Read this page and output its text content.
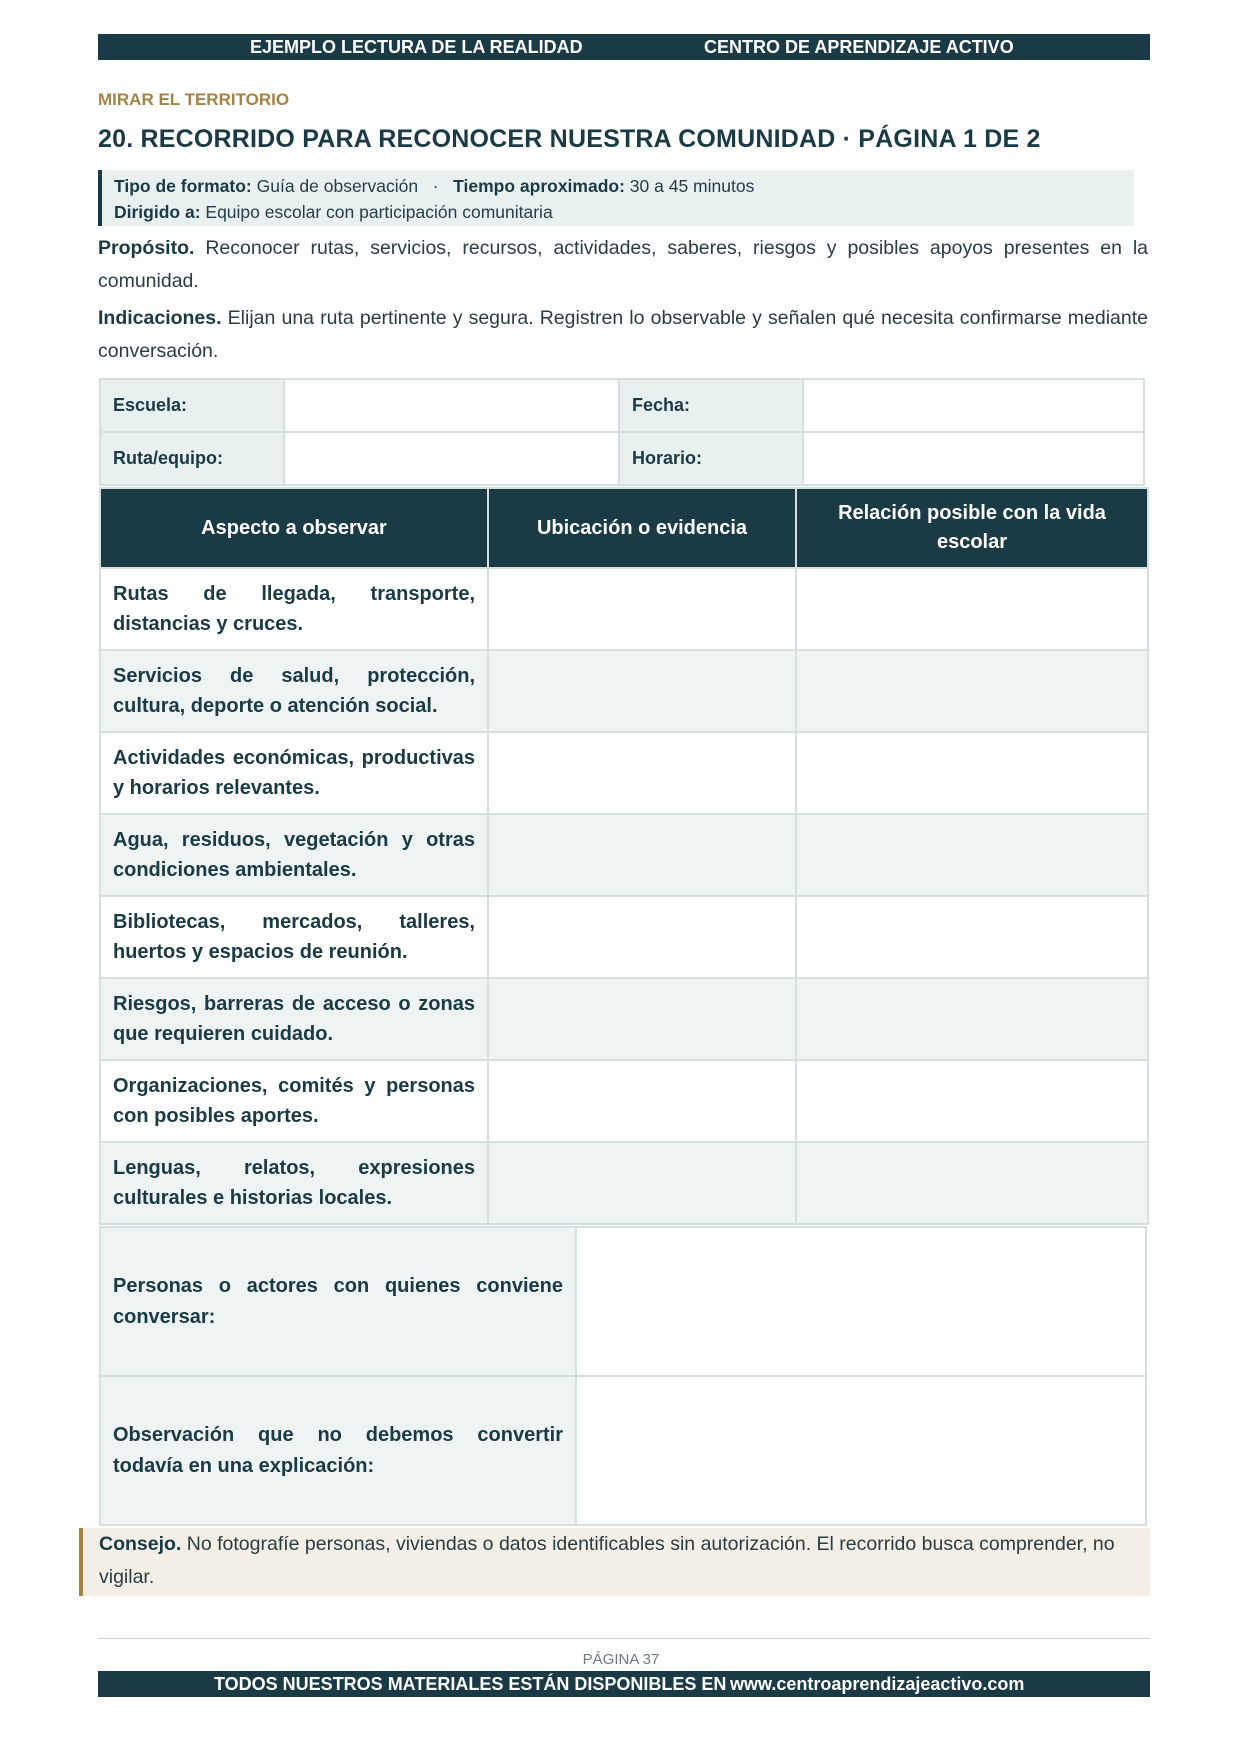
EJEMPLO LECTURA DE LA REALIDAD	CENTRO DE APRENDIZAJE ACTIVO
MIRAR EL TERRITORIO
20. RECORRIDO PARA RECONOCER NUESTRA COMUNIDAD · PÁGINA 1 DE 2
Tipo de formato: Guía de observación · Tiempo aproximado: 30 a 45 minutos
Dirigido a: Equipo escolar con participación comunitaria
Propósito. Reconocer rutas, servicios, recursos, actividades, saberes, riesgos y posibles apoyos presentes en la comunidad.
Indicaciones. Elijan una ruta pertinente y segura. Registren lo observable y señalen qué necesita confirmarse mediante conversación.
Escuela:		Fecha:	
Ruta/equipo:		Horario:	
Aspecto a observar	Ubicación o evidencia	Relación posible con la vida escolar
Rutas de llegada, transporte, distancias y cruces.		
Servicios de salud, protección, cultura, deporte o atención social.		
Actividades económicas, productivas y horarios relevantes.		
Agua, residuos, vegetación y otras condiciones ambientales.		
Bibliotecas, mercados, talleres, huertos y espacios de reunión.		
Riesgos, barreras de acceso o zonas que requieren cuidado.		
Organizaciones, comités y personas con posibles aportes.		
Lenguas, relatos, expresiones culturales e historias locales.		
Personas o actores con quienes conviene conversar:	
Observación que no debemos convertir todavía en una explicación:	
Consejo. No fotografíe personas, viviendas o datos identificables sin autorización. El recorrido busca comprender, no vigilar.
PÁGINA 37
TODOS NUESTROS MATERIALES ESTÁN DISPONIBLES EN www.centroaprendizajeactivo.com
